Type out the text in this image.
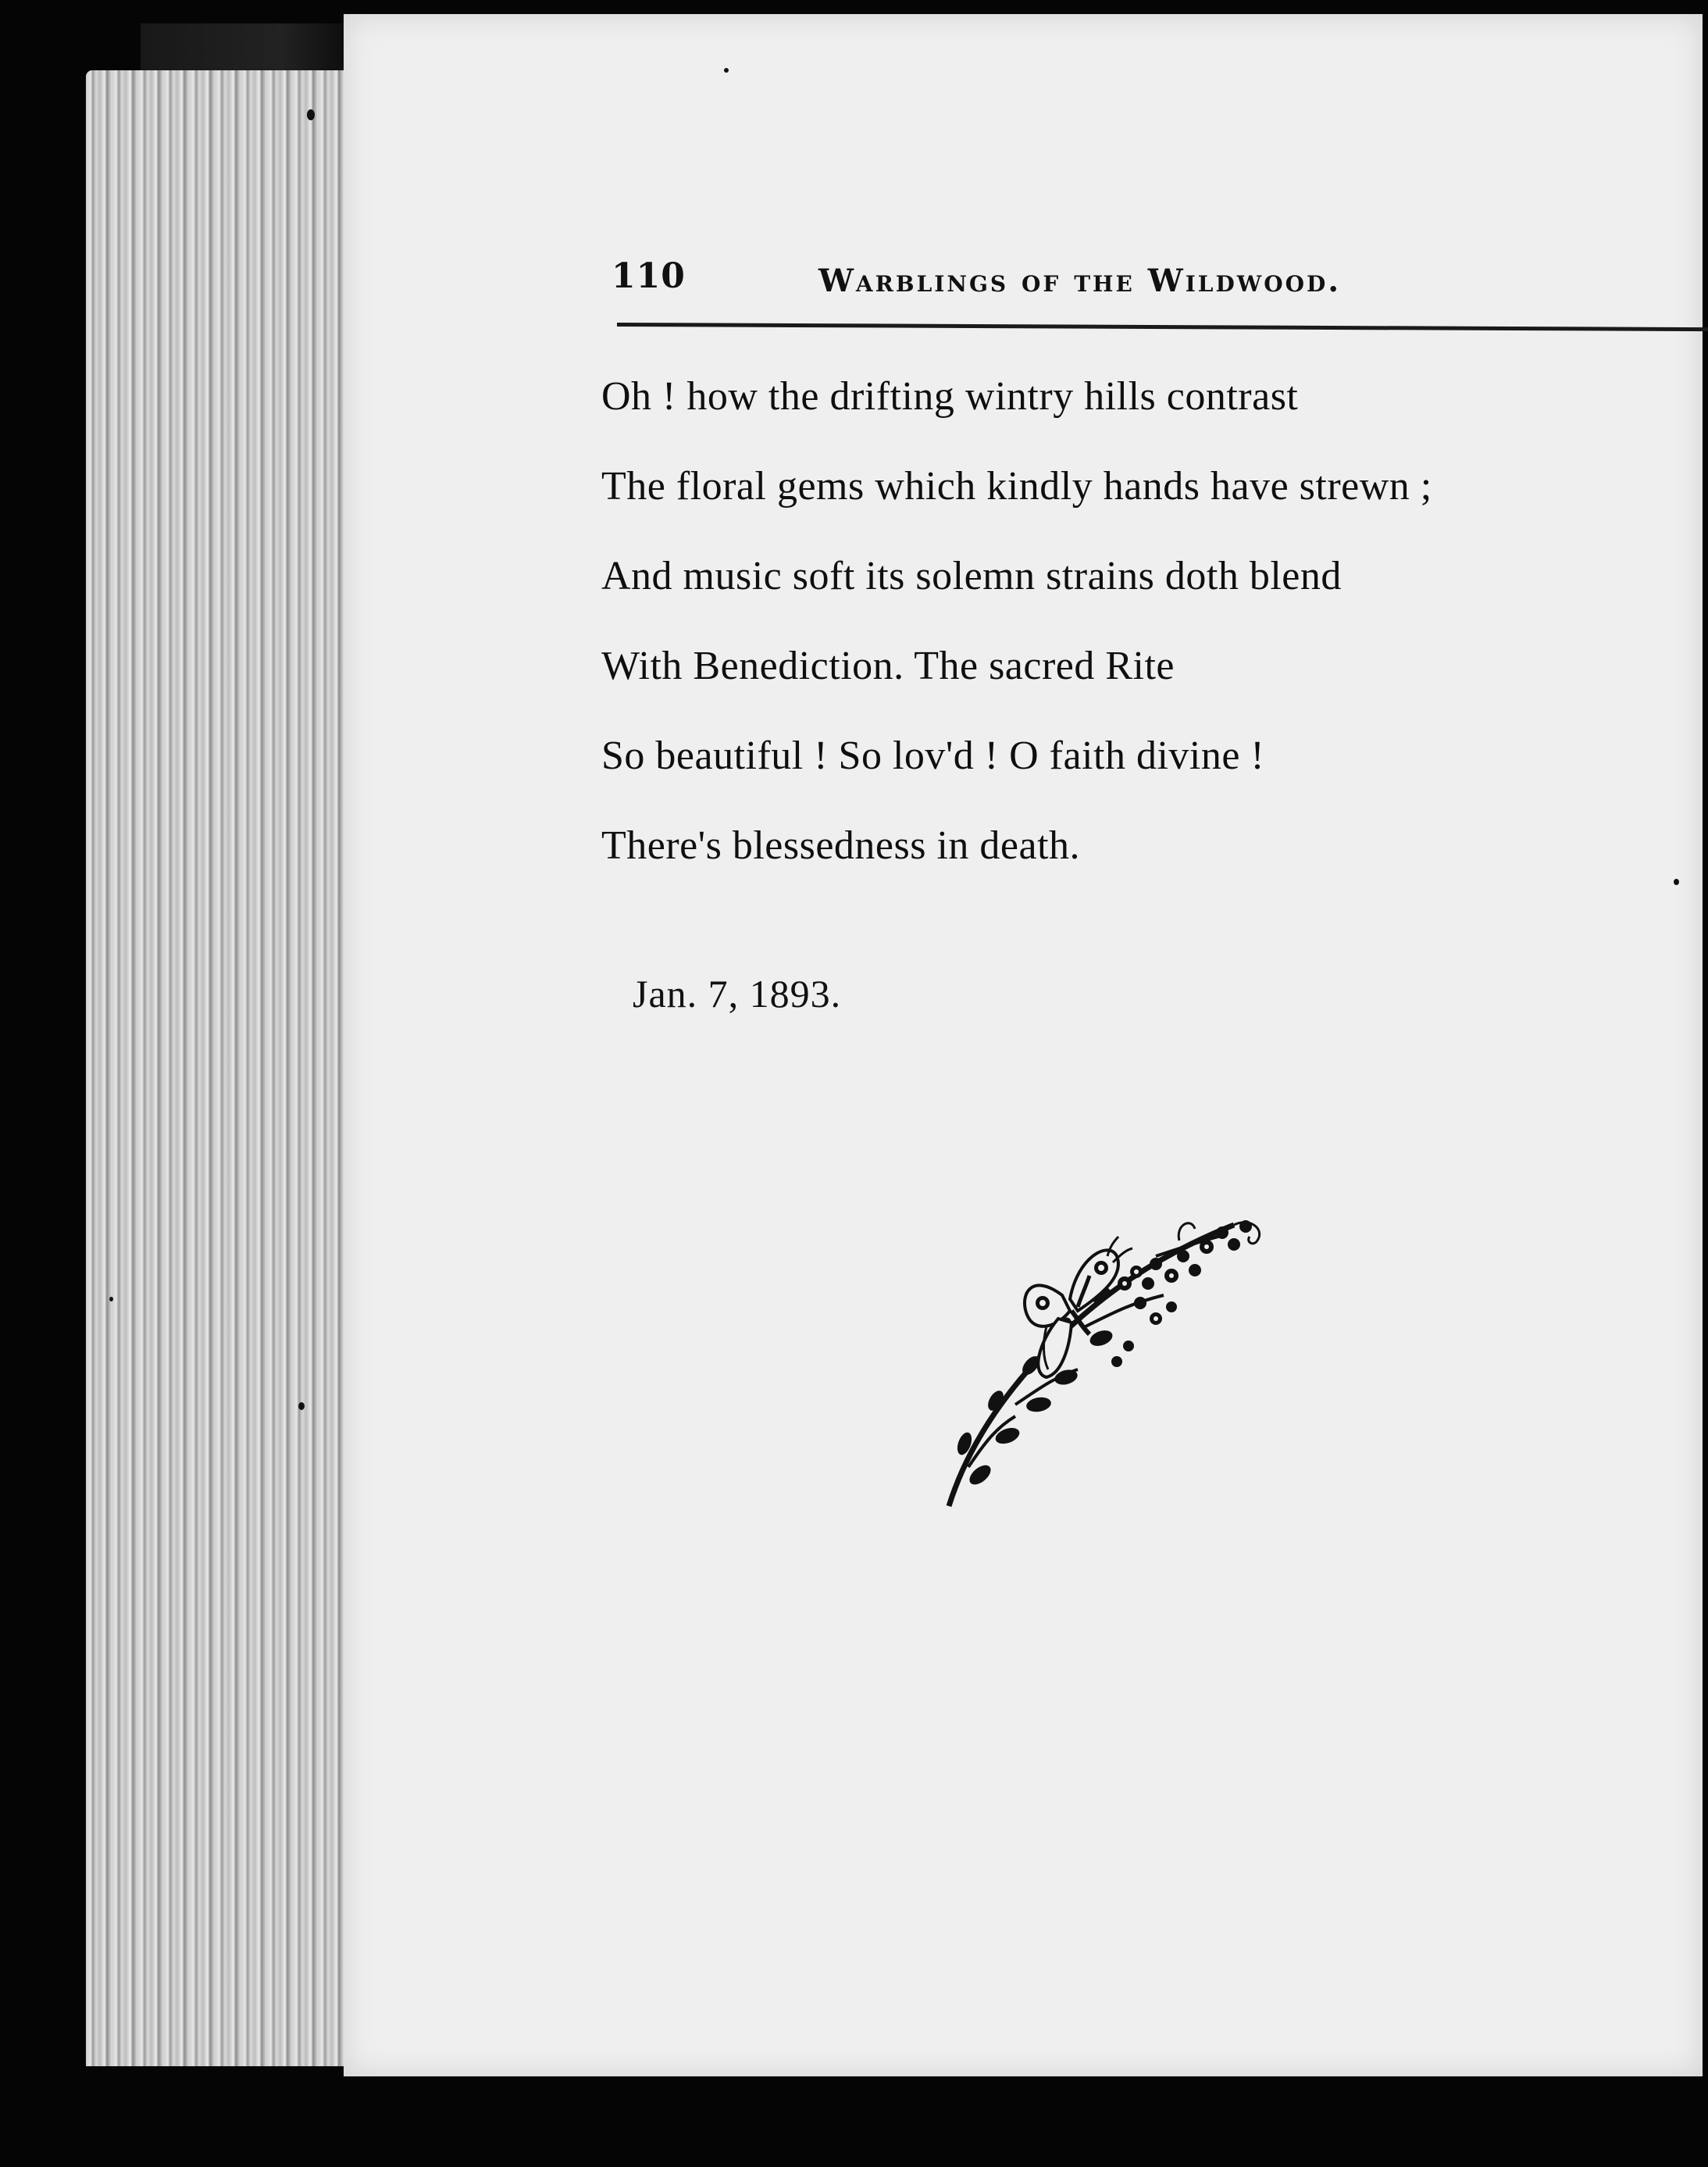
110	Warblings of the Wildwood.
Oh ! how the drifting wintry hills contrast
The floral gems which kindly hands have strewn ;
And music soft its solemn strains doth blend
With Benediction. The sacred Rite
So beautiful ! So lov'd ! O faith divine !
There's blessedness in death.
Jan. 7, 1893.
